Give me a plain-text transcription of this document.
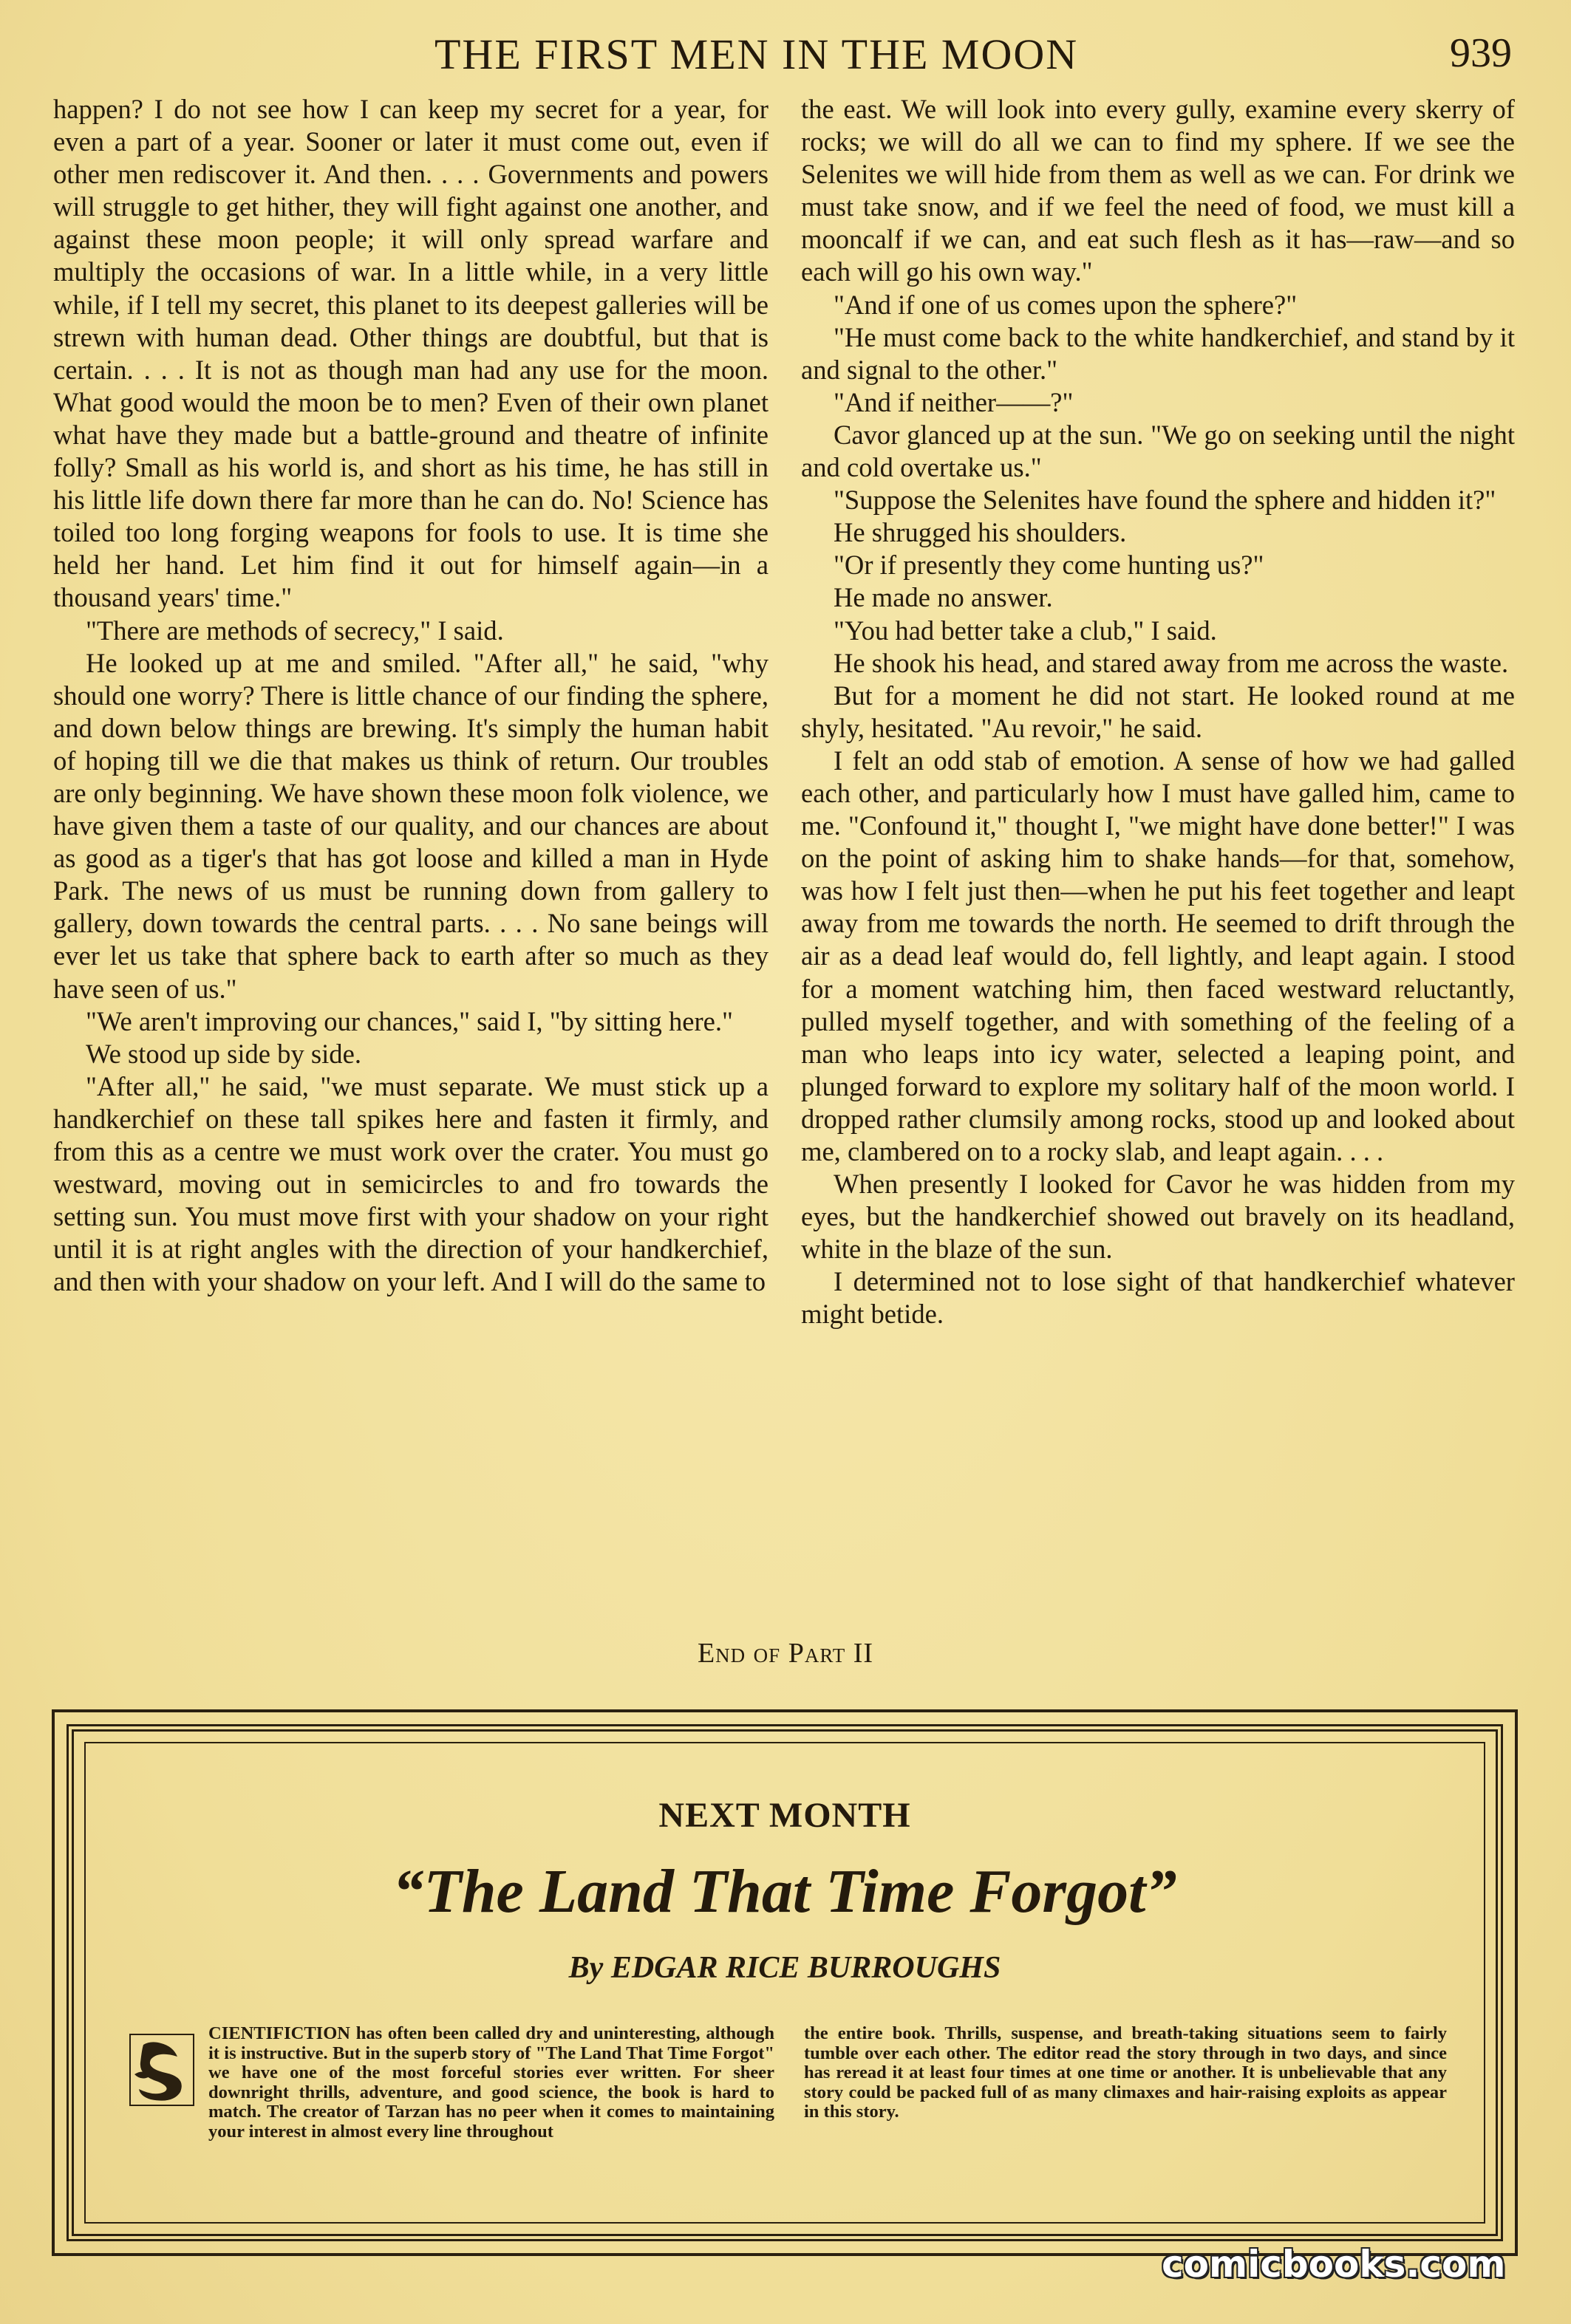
THE FIRST MEN IN THE MOON	939

happen? I do not see how I can keep my secret for a year, for even a part of a year. Sooner or later it must come out, even if other men rediscover it. And then. . . . Governments and powers will struggle to get hither, they will fight against one another, and against these moon people; it will only spread warfare and multiply the occasions of war. In a little while, in a very little while, if I tell my secret, this planet to its deepest galleries will be strewn with human dead. Other things are doubtful, but that is certain. . . . It is not as though man had any use for the moon. What good would the moon be to men? Even of their own planet what have they made but a battle-ground and theatre of infinite folly? Small as his world is, and short as his time, he has still in his little life down there far more than he can do. No! Science has toiled too long forging weapons for fools to use. It is time she held her hand. Let him find it out for himself again—in a thousand years' time."

"There are methods of secrecy," I said.

He looked up at me and smiled. "After all," he said, "why should one worry? There is little chance of our finding the sphere, and down below things are brewing. It's simply the human habit of hoping till we die that makes us think of return. Our troubles are only beginning. We have shown these moon folk violence, we have given them a taste of our quality, and our chances are about as good as a tiger's that has got loose and killed a man in Hyde Park. The news of us must be running down from gallery to gallery, down towards the central parts. . . . No sane beings will ever let us take that sphere back to earth after so much as they have seen of us."

"We aren't improving our chances," said I, "by sitting here."

We stood up side by side.

"After all," he said, "we must separate. We must stick up a handkerchief on these tall spikes here and fasten it firmly, and from this as a centre we must work over the crater. You must go westward, moving out in semicircles to and fro towards the setting sun. You must move first with your shadow on your right until it is at right angles with the direction of your handkerchief, and then with your shadow on your left. And I will do the same to

the east. We will look into every gully, examine every skerry of rocks; we will do all we can to find my sphere. If we see the Selenites we will hide from them as well as we can. For drink we must take snow, and if we feel the need of food, we must kill a mooncalf if we can, and eat such flesh as it has—raw—and so each will go his own way."

"And if one of us comes upon the sphere?"

"He must come back to the white handkerchief, and stand by it and signal to the other."

"And if neither——?"

Cavor glanced up at the sun. "We go on seeking until the night and cold overtake us."

"Suppose the Selenites have found the sphere and hidden it?"

He shrugged his shoulders.

"Or if presently they come hunting us?"

He made no answer.

"You had better take a club," I said.

He shook his head, and stared away from me across the waste.

But for a moment he did not start. He looked round at me shyly, hesitated. "Au revoir," he said.

I felt an odd stab of emotion. A sense of how we had galled each other, and particularly how I must have galled him, came to me. "Confound it," thought I, "we might have done better!" I was on the point of asking him to shake hands—for that, somehow, was how I felt just then—when he put his feet together and leapt away from me towards the north. He seemed to drift through the air as a dead leaf would do, fell lightly, and leapt again. I stood for a moment watching him, then faced westward reluctantly, pulled myself together, and with something of the feeling of a man who leaps into icy water, selected a leaping point, and plunged forward to explore my solitary half of the moon world. I dropped rather clumsily among rocks, stood up and looked about me, clambered on to a rocky slab, and leapt again. . . .

When presently I looked for Cavor he was hidden from my eyes, but the handkerchief showed out bravely on its headland, white in the blaze of the sun.

I determined not to lose sight of that handkerchief whatever might betide.

End of Part II
NEXT MONTH
“The Land That Time Forgot”
By EDGAR RICE BURROUGHS
CIENTIFICTION has often been called dry and uninteresting, although it is instructive. But in the superb story of "The Land That Time Forgot" we have one of the most forceful stories ever written. For sheer downright thrills, adventure, and good science, the book is hard to match. The creator of Tarzan has no peer when it comes to maintaining your interest in almost every line throughout
the entire book. Thrills, suspense, and breath-taking situations seem to fairly tumble over each other. The editor read the story through in two days, and since has reread it at least four times at one time or another. It is unbelievable that any story could be packed full of as many climaxes and hair-raising exploits as appear in this story.
comicbooks.com
